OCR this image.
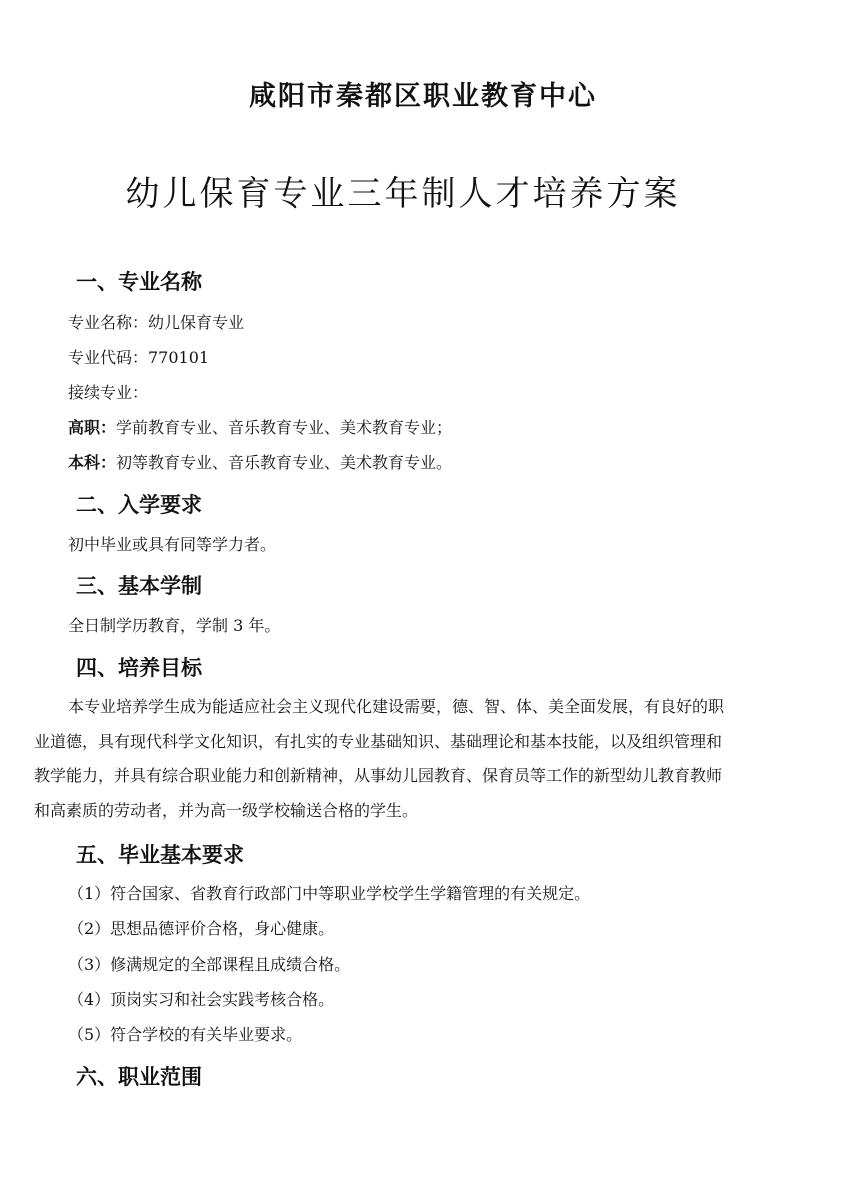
咸阳市秦都区职业教育中心
幼儿保育专业三年制人才培养方案
一、专业名称
专业名称：幼儿保育专业
专业代码：770101
接续专业：
高职：学前教育专业、音乐教育专业、美术教育专业；
本科：初等教育专业、音乐教育专业、美术教育专业。
二、入学要求
初中毕业或具有同等学力者。
三、基本学制
全日制学历教育，学制 3 年。
四、培养目标
本专业培养学生成为能适应社会主义现代化建设需要，德、智、体、美全面发展，有良好的职
业道德，具有现代科学文化知识，有扎实的专业基础知识、基础理论和基本技能，以及组织管理和
教学能力，并具有综合职业能力和创新精神，从事幼儿园教育、保育员等工作的新型幼儿教育教师
和高素质的劳动者，并为高一级学校输送合格的学生。
五、毕业基本要求
（1）符合国家、省教育行政部门中等职业学校学生学籍管理的有关规定。
（2）思想品德评价合格，身心健康。
（3）修满规定的全部课程且成绩合格。
（4）顶岗实习和社会实践考核合格。
（5）符合学校的有关毕业要求。
六、职业范围
